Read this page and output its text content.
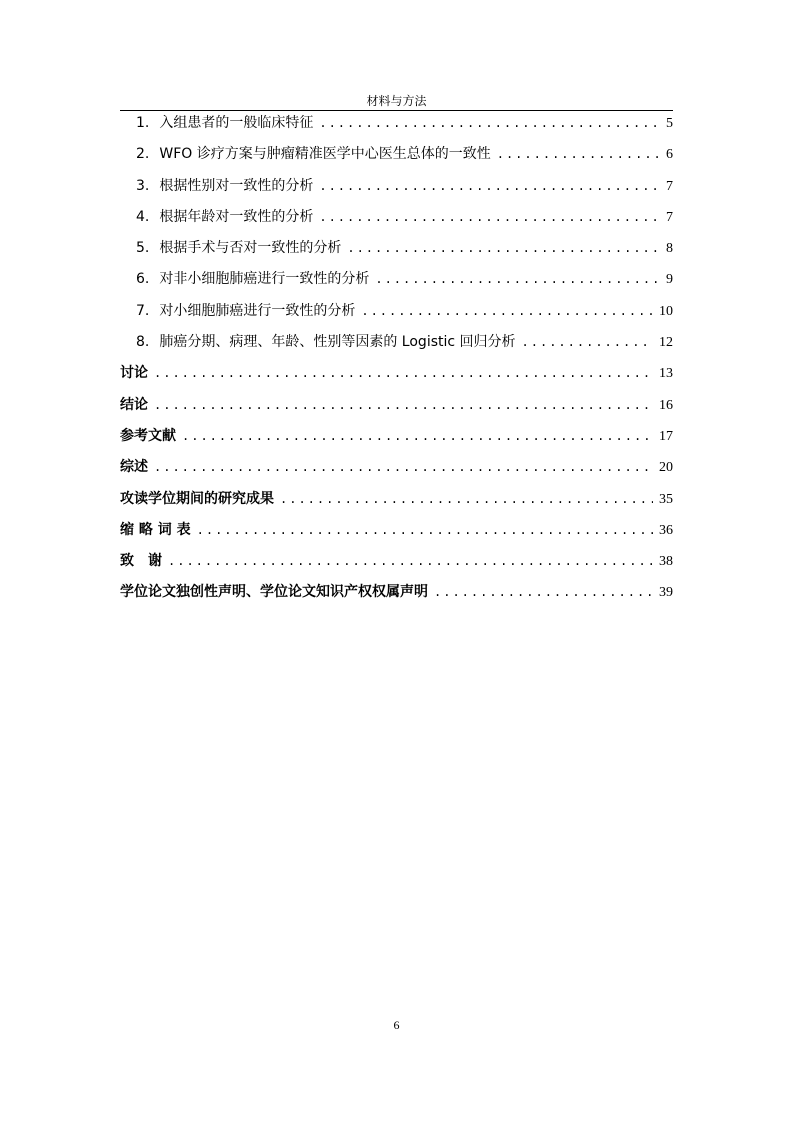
材料与方法
1. 入组患者的一般临床特征 .....	5
2. WFO 诊疗方案与肿瘤精准医学中心医生总体的一致性 .....	6
3. 根据性别对一致性的分析 .....	7
4. 根据年龄对一致性的分析 .....	7
5. 根据手术与否对一致性的分析 .....	8
6. 对非小细胞肺癌进行一致性的分析 .....	9
7. 对小细胞肺癌进行一致性的分析 .....	10
8. 肺癌分期、病理、年龄、性别等因素的 Logistic 回归分析 .....	12
讨论 .....	13
结论 .....	16
参考文献 .....	17
综述 .....	20
攻读学位期间的研究成果 .....	35
缩 略 词 表 .....	36
致　谢 .....	38
学位论文独创性声明、学位论文知识产权权属声明 .....	39
6
